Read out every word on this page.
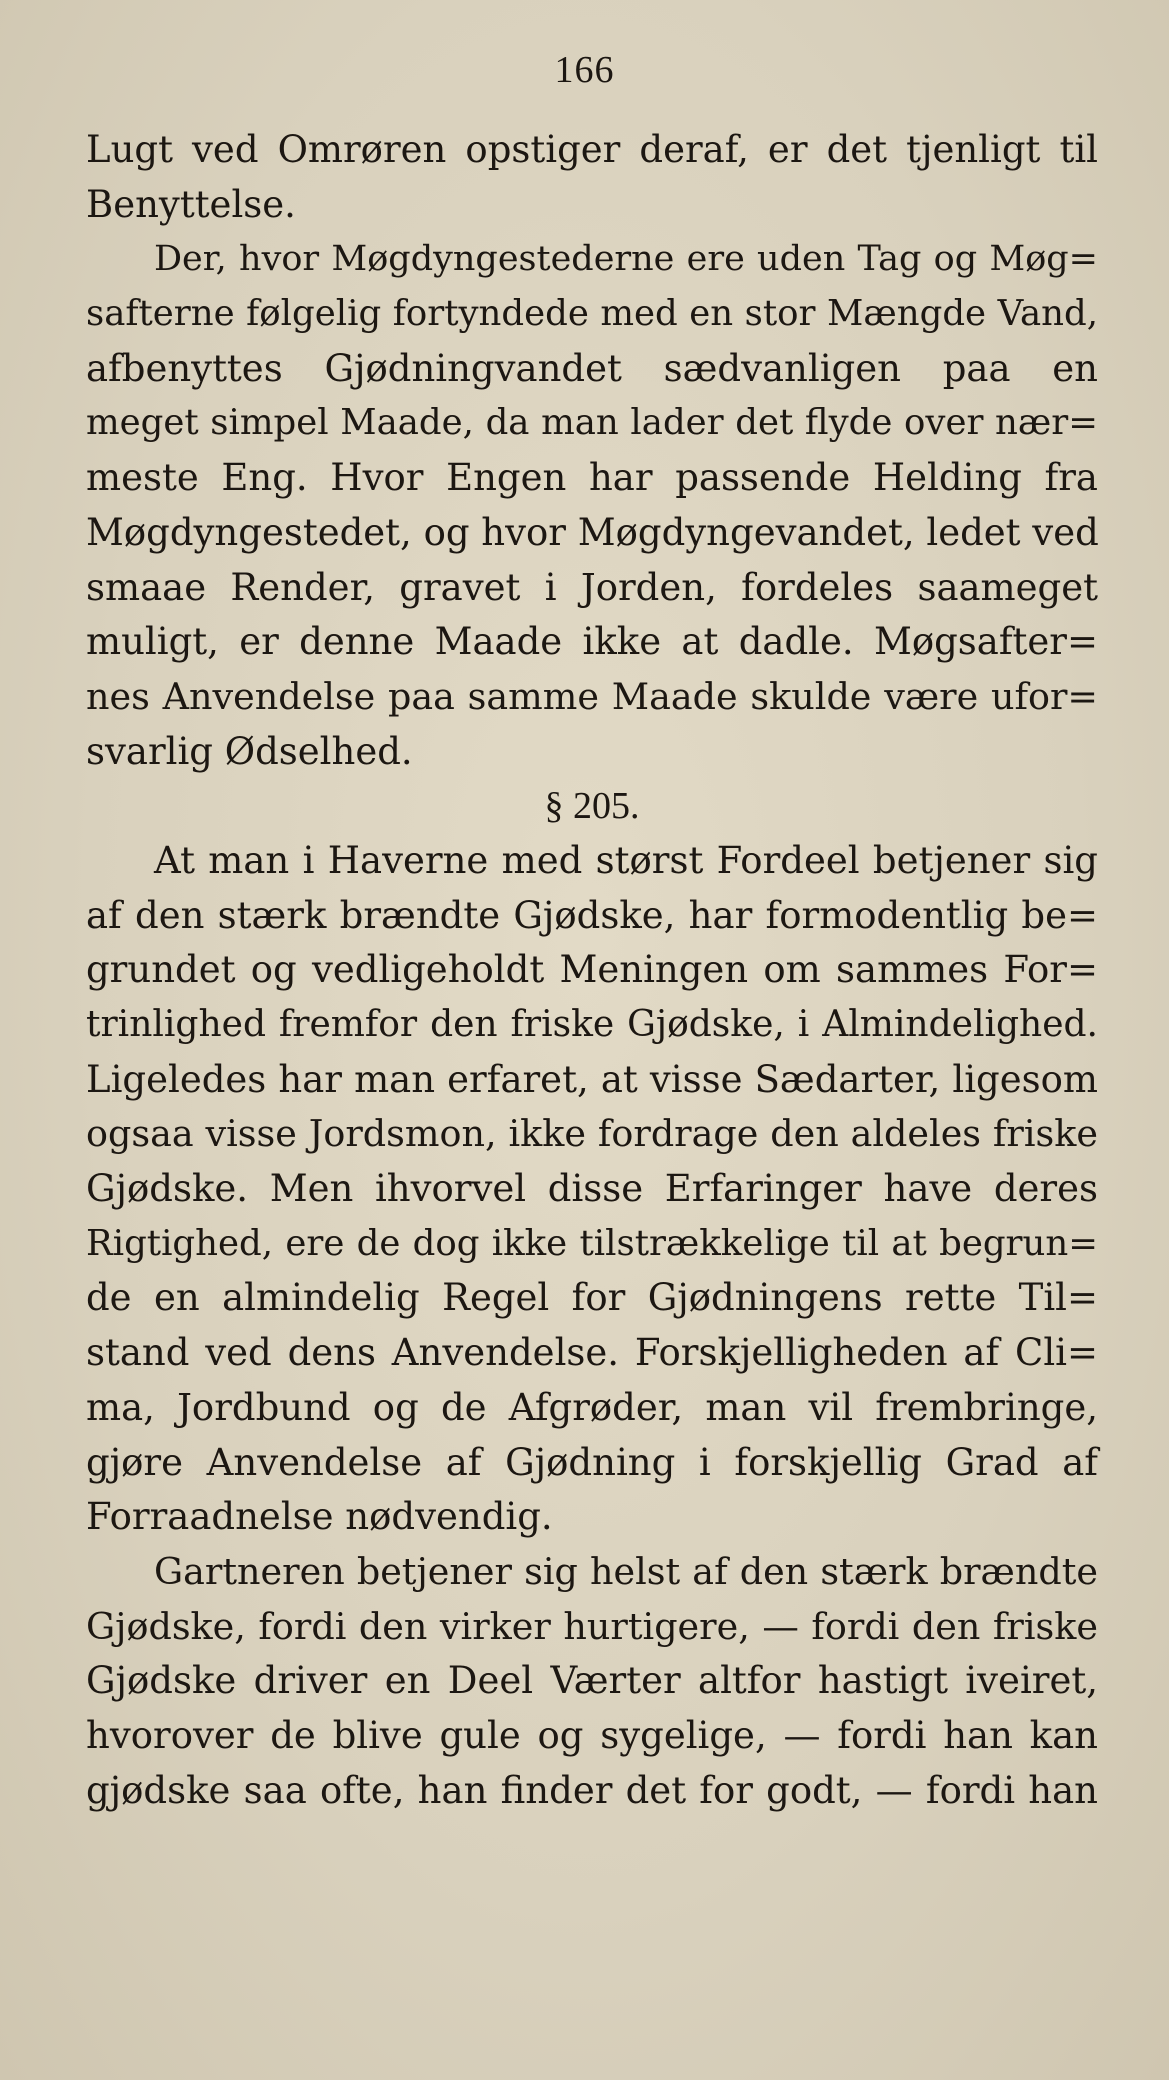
166
Lugt ved Omrøren opstiger deraf, er det tjenligt til
Benyttelse.
Der, hvor Møgdyngestederne ere uden Tag og Møg=
safterne følgelig fortyndede med en stor Mængde Vand,
afbenyttes Gjødningvandet sædvanligen paa en
meget simpel Maade, da man lader det flyde over nær=
meste Eng. Hvor Engen har passende Helding fra
Møgdyngestedet, og hvor Møgdyngevandet, ledet ved
smaae Render, gravet i Jorden, fordeles saameget
muligt, er denne Maade ikke at dadle. Møgsafter=
nes Anvendelse paa samme Maade skulde være ufor=
svarlig Ødselhed.
§ 205.
At man i Haverne med størst Fordeel betjener sig
af den stærk brændte Gjødske, har formodentlig be=
grundet og vedligeholdt Meningen om sammes For=
trinlighed fremfor den friske Gjødske, i Almindelighed.
Ligeledes har man erfaret, at visse Sædarter, ligesom
ogsaa visse Jordsmon, ikke fordrage den aldeles friske
Gjødske. Men ihvorvel disse Erfaringer have deres
Rigtighed, ere de dog ikke tilstrækkelige til at begrun=
de en almindelig Regel for Gjødningens rette Til=
stand ved dens Anvendelse. Forskjelligheden af Cli=
ma, Jordbund og de Afgrøder, man vil frembringe,
gjøre Anvendelse af Gjødning i forskjellig Grad af
Forraadnelse nødvendig.
Gartneren betjener sig helst af den stærk brændte
Gjødske, fordi den virker hurtigere, — fordi den friske
Gjødske driver en Deel Værter altfor hastigt iveiret,
hvorover de blive gule og sygelige, — fordi han kan
gjødske saa ofte, han finder det for godt, — fordi han
